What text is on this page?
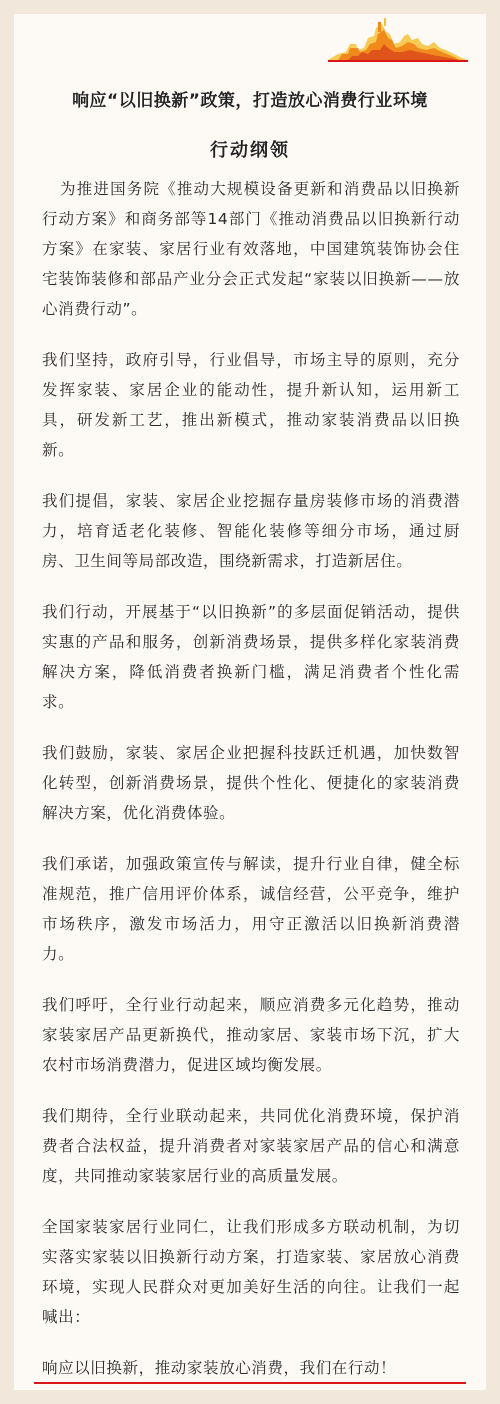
响应“以旧换新”政策，打造放心消费行业环境
行动纲领

为推进国务院《推动大规模设备更新和消费品以旧换新行动方案》和商务部等14部门《推动消费品以旧换新行动方案》在家装、家居行业有效落地，中国建筑装饰协会住宅装饰装修和部品产业分会正式发起“家装以旧换新——放心消费行动”。

我们坚持，政府引导，行业倡导，市场主导的原则，充分发挥家装、家居企业的能动性，提升新认知，运用新工具，研发新工艺，推出新模式，推动家装消费品以旧换新。

我们提倡，家装、家居企业挖掘存量房装修市场的消费潜力，培育适老化装修、智能化装修等细分市场，通过厨房、卫生间等局部改造，围绕新需求，打造新居住。

我们行动，开展基于“以旧换新”的多层面促销活动，提供实惠的产品和服务，创新消费场景，提供多样化家装消费解决方案，降低消费者换新门槛，满足消费者个性化需求。

我们鼓励，家装、家居企业把握科技跃迁机遇，加快数智化转型，创新消费场景，提供个性化、便捷化的家装消费解决方案，优化消费体验。

我们承诺，加强政策宣传与解读，提升行业自律，健全标准规范，推广信用评价体系，诚信经营，公平竞争，维护市场秩序，激发市场活力，用守正激活以旧换新消费潜力。

我们呼吁，全行业行动起来，顺应消费多元化趋势，推动家装家居产品更新换代，推动家居、家装市场下沉，扩大农村市场消费潜力，促进区域均衡发展。

我们期待，全行业联动起来，共同优化消费环境，保护消费者合法权益，提升消费者对家装家居产品的信心和满意度，共同推动家装家居行业的高质量发展。

全国家装家居行业同仁，让我们形成多方联动机制，为切实落实家装以旧换新行动方案，打造家装、家居放心消费环境，实现人民群众对更加美好生活的向往。让我们一起喊出：

响应以旧换新，推动家装放心消费，我们在行动！
